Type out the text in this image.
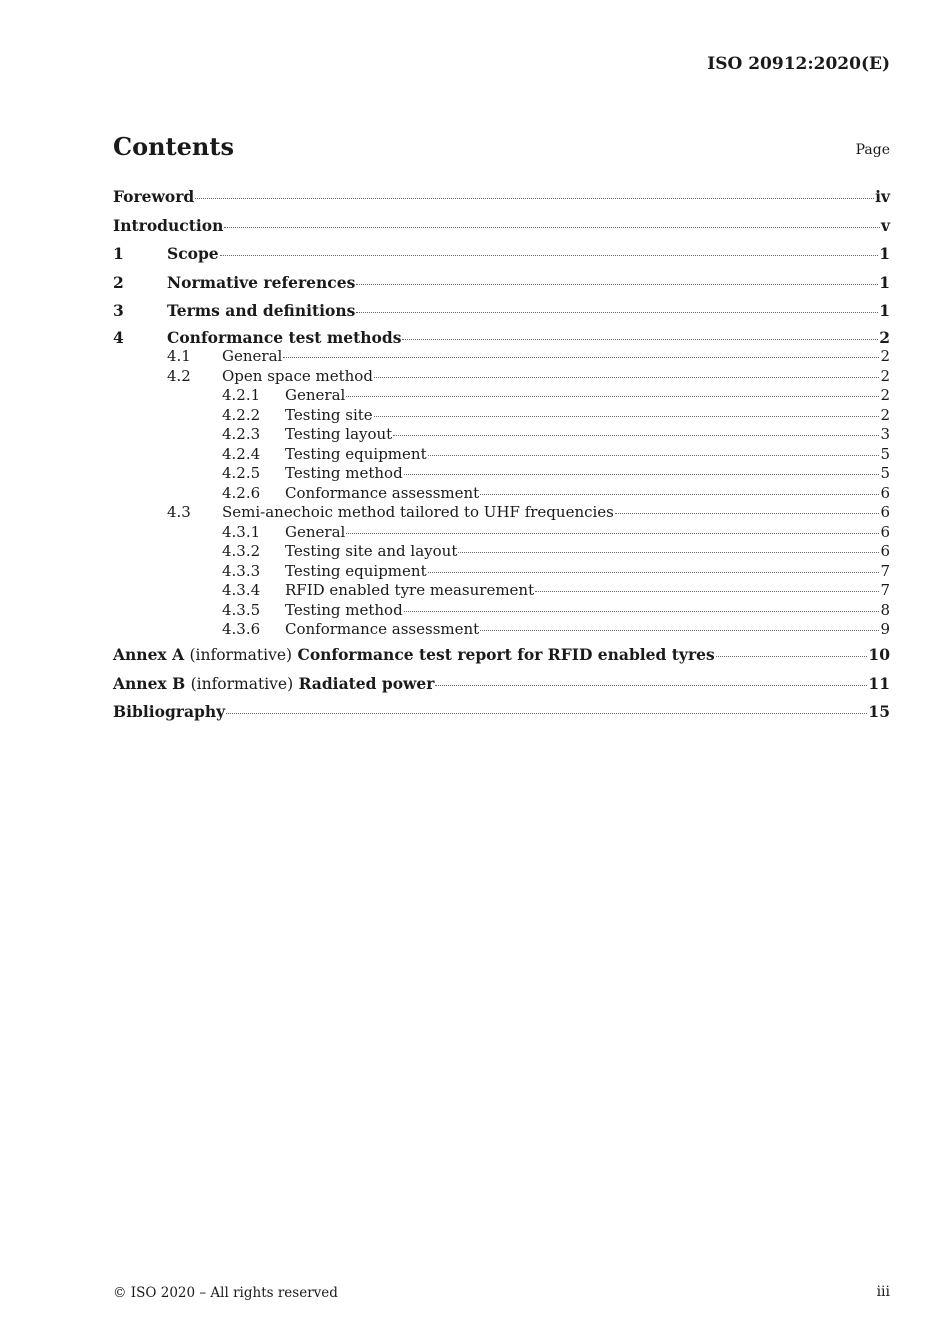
ISO 20912:2020(E)
Contents	Page
Foreword	iv
Introduction	v
1	Scope	1
2	Normative references	1
3	Terms and definitions	1
4	Conformance test methods	2
4.1	General	2
4.2	Open space method	2
4.2.1	General	2
4.2.2	Testing site	2
4.2.3	Testing layout	3
4.2.4	Testing equipment	5
4.2.5	Testing method	5
4.2.6	Conformance assessment	6
4.3	Semi-anechoic method tailored to UHF frequencies	6
4.3.1	General	6
4.3.2	Testing site and layout	6
4.3.3	Testing equipment	7
4.3.4	RFID enabled tyre measurement	7
4.3.5	Testing method	8
4.3.6	Conformance assessment	9
Annex A (informative) Conformance test report for RFID enabled tyres	10
Annex B (informative) Radiated power	11
Bibliography	15
© ISO 2020 – All rights reserved	iii
